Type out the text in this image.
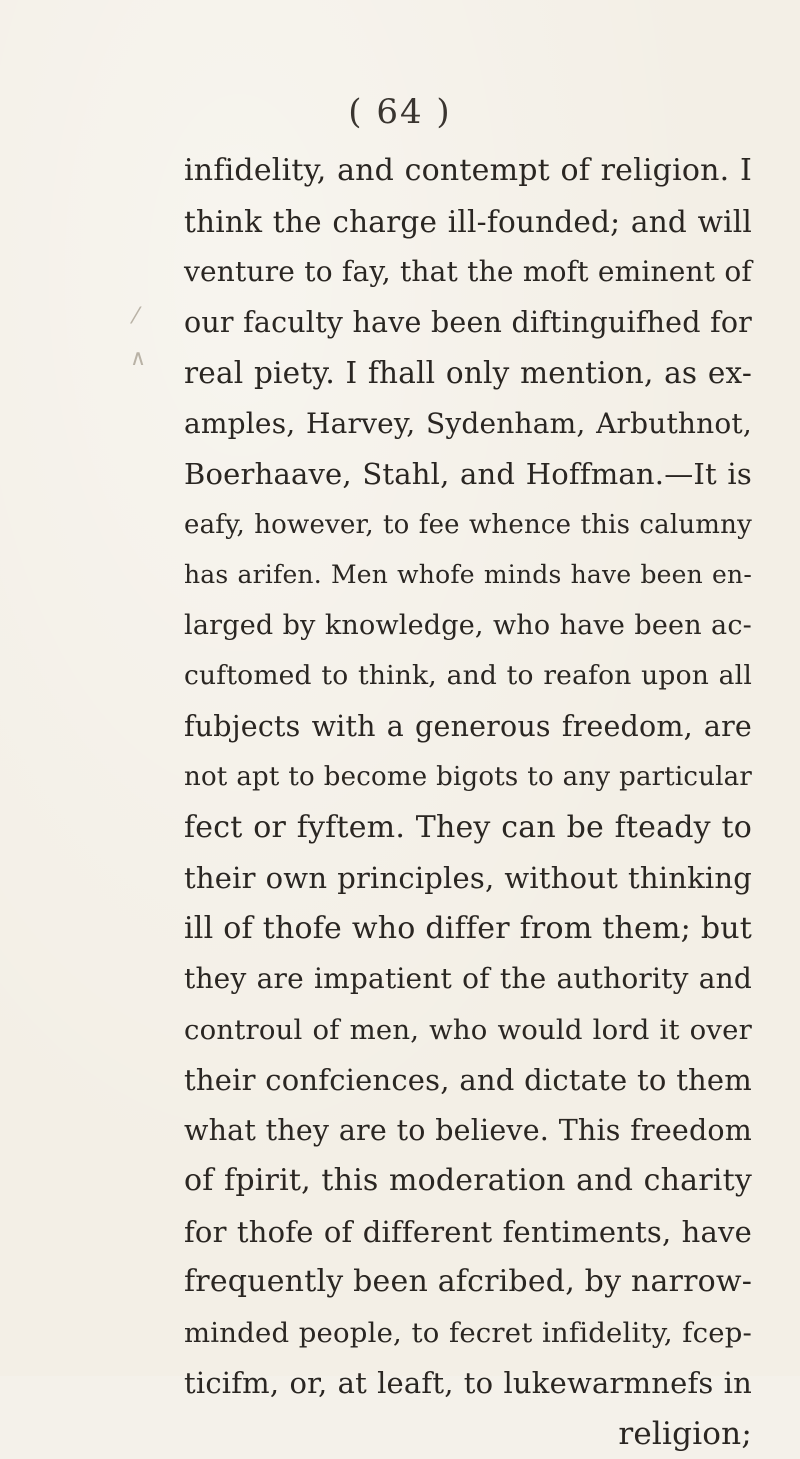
( 64 )
⁄
∧
infidelity, and contempt of religion. I
think the charge ill-founded; and will
venture to fay, that the moft eminent of
our faculty have been diftinguifhed for
real piety. I fhall only mention, as ex-
amples, Harvey, Sydenham, Arbuthnot,
Boerhaave, Stahl, and Hoffman.—It is
eafy, however, to fee whence this calumny
has arifen. Men whofe minds have been en-
larged by knowledge, who have been ac-
cuftomed to think, and to reafon upon all
fubjects with a generous freedom, are
not apt to become bigots to any particular
fect or fyftem. They can be fteady to
their own principles, without thinking
ill of thofe who differ from them; but
they are impatient of the authority and
controul of men, who would lord it over
their confciences, and dictate to them
what they are to believe. This freedom
of fpirit, this moderation and charity
for thofe of different fentiments, have
frequently been afcribed, by narrow-
minded people, to fecret infidelity, fcep-
ticifm, or, at leaft, to lukewarmnefs in
religion;
